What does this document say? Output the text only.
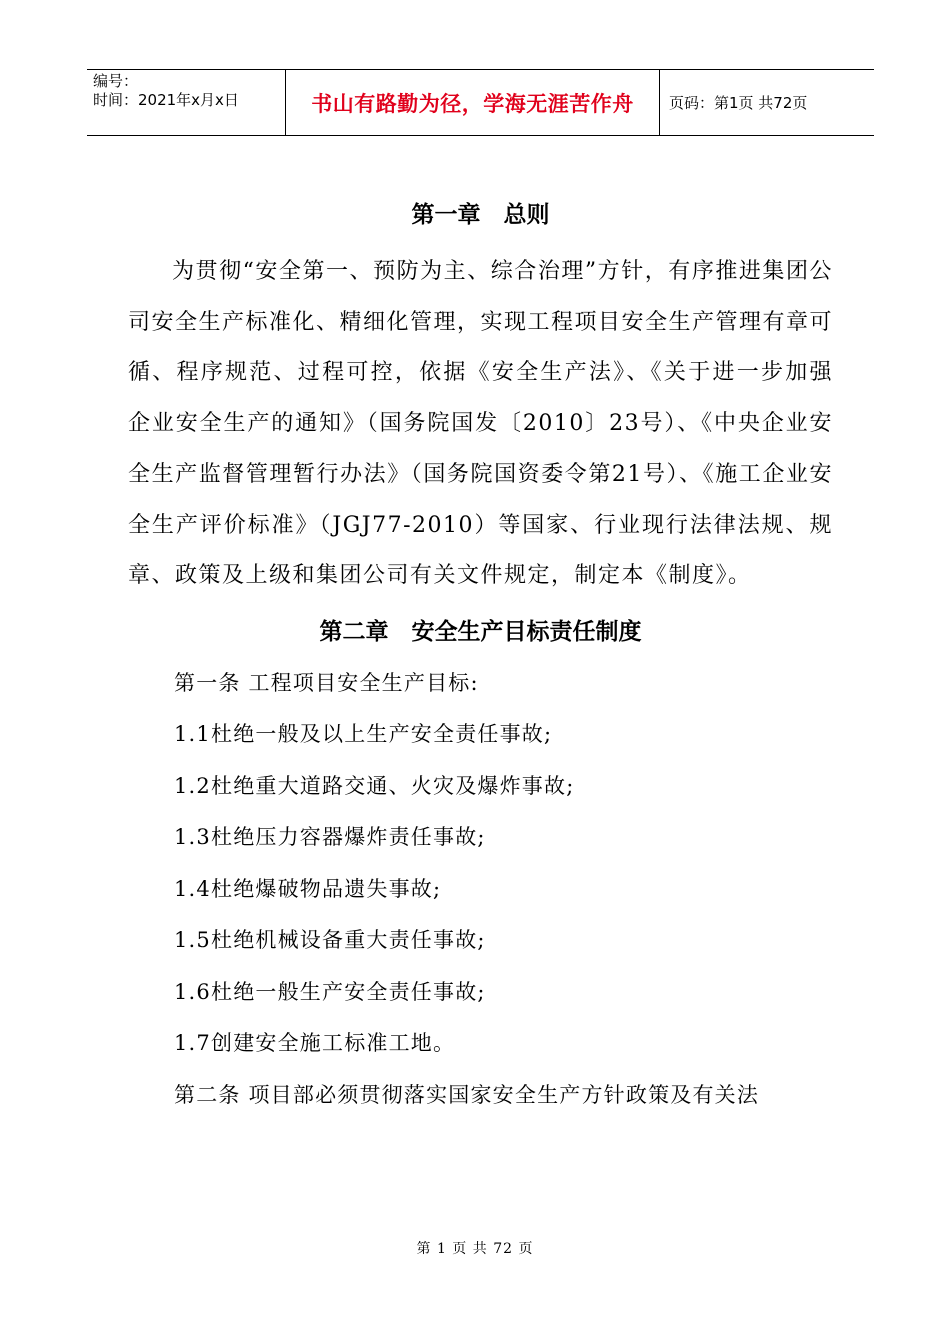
编号：
时间：2021年x月x日	书山有路勤为径，学海无涯苦作舟	页码：第1页 共72页
第一章　总则
为贯彻“安全第一、预防为主、综合治理”方针，有序推进集团公司安全生产标准化、精细化管理，实现工程项目安全生产管理有章可循、程序规范、过程可控，依据《安全生产法》、《关于进一步加强企业安全生产的通知》（国务院国发〔2010〕23号）、《中央企业安全生产监督管理暂行办法》（国务院国资委令第21号）、《施工企业安全生产评价标准》（JGJ77-2010）等国家、行业现行法律法规、规章、政策及上级和集团公司有关文件规定，制定本《制度》。
第二章　安全生产目标责任制度
第一条 工程项目安全生产目标:
1.1杜绝一般及以上生产安全责任事故;
1.2杜绝重大道路交通、火灾及爆炸事故;
1.3杜绝压力容器爆炸责任事故;
1.4杜绝爆破物品遗失事故;
1.5杜绝机械设备重大责任事故;
1.6杜绝一般生产安全责任事故;
1.7创建安全施工标准工地。
第二条 项目部必须贯彻落实国家安全生产方针政策及有关法
第 1 页 共 72 页
